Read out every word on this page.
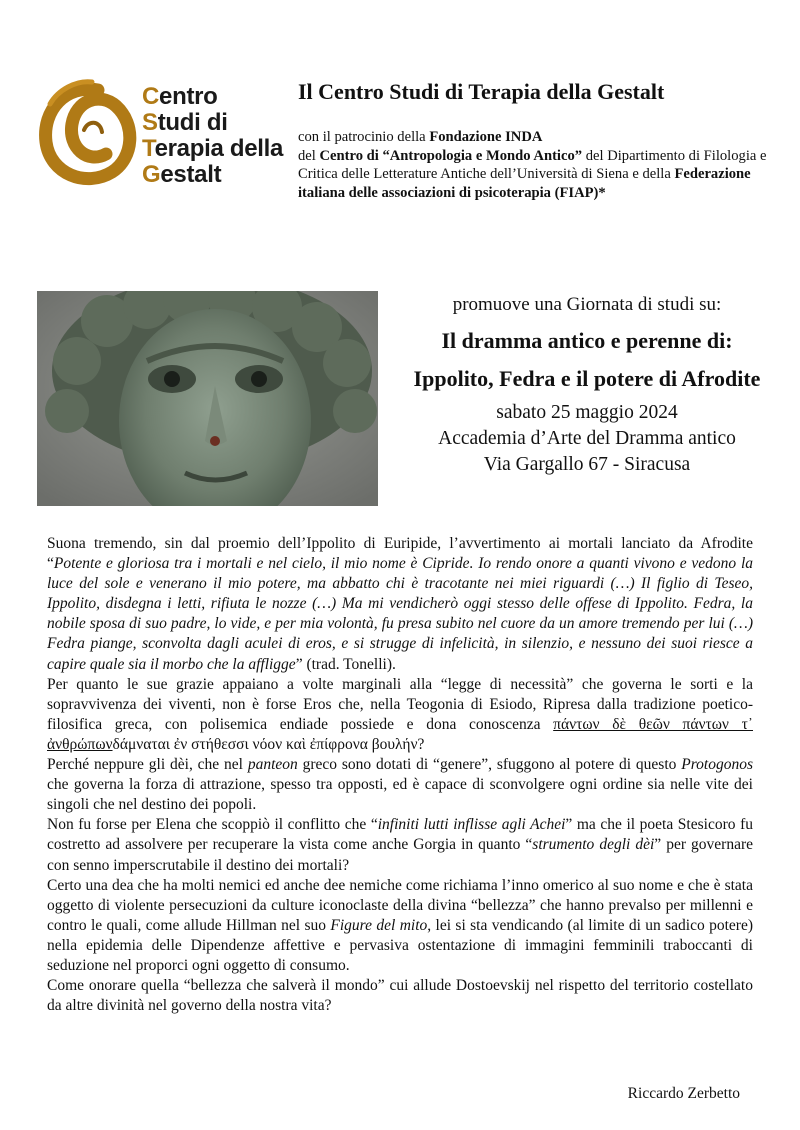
Centro
Studi di
Terapia della
Gestalt
Il Centro Studi di Terapia della Gestalt
con il patrocinio della Fondazione INDA
del Centro di “Antropologia e Mondo Antico” del Dipartimento di Filologia e Critica delle Letterature Antiche dell’Università di Siena e della Federazione italiana delle associazioni di psicoterapia (FIAP)*
promuove una Giornata di studi su:
Il dramma antico e perenne di:
Ippolito, Fedra e il potere di Afrodite
sabato 25 maggio 2024
Accademia d’Arte del Dramma antico
Via Gargallo 67 - Siracusa

Suona tremendo, sin dal proemio dell’Ippolito di Euripide, l’avvertimento ai mortali lanciato da Afrodite “Potente e gloriosa tra i mortali e nel cielo, il mio nome è Cipride. Io rendo onore a quanti vivono e vedono la luce del sole e venerano il mio potere, ma abbatto chi è tracotante nei miei riguardi (…) Il figlio di Teseo, Ippolito, disdegna i letti, rifiuta le nozze (…) Ma mi vendicherò oggi stesso delle offese di Ippolito. Fedra, la nobile sposa di suo padre, lo vide, e per mia volontà, fu presa subito nel cuore da un amore tremendo per lui (…) Fedra piange, sconvolta dagli aculei di eros, e si strugge di infelicità, in silenzio, e nessuno dei suoi riesce a capire quale sia il morbo che la affligge” (trad. Tonelli).

Per quanto le sue grazie appaiano a volte marginali alla “legge di necessità” che governa le sorti e la sopravvivenza dei viventi, non è forse Eros che, nella Teogonia di Esiodo, Ripresa dalla tradizione poetico-filosifica greca, con polisemica endiade possiede e dona conoscenza πάντων δὲ θεῶν πάντων τ᾽ ἀνθρώπωνδάμναται ἐν στήθεσσι νόον καὶ ἐπίφρονα βουλήν?

Perché neppure gli dèi, che nel panteon greco sono dotati di “genere”, sfuggono al potere di questo Protogonos che governa la forza di attrazione, spesso tra opposti, ed è capace di sconvolgere ogni ordine sia nelle vite dei singoli che nel destino dei popoli.

Non fu forse per Elena che scoppiò il conflitto che “infiniti lutti inflisse agli Achei” ma che il poeta Stesicoro fu costretto ad assolvere per recuperare la vista come anche Gorgia in quanto “strumento degli dèi” per governare con senno imperscrutabile il destino dei mortali?

Certo una dea che ha molti nemici ed anche dee nemiche come richiama l’inno omerico al suo nome e che è stata oggetto di violente persecuzioni da culture iconoclaste della divina “bellezza” che hanno prevalso per millenni e contro le quali, come allude Hillman nel suo Figure del mito, lei si sta vendicando (al limite di un sadico potere) nella epidemia delle Dipendenze affettive e pervasiva ostentazione di immagini femminili traboccanti di seduzione nel proporci ogni oggetto di consumo.

Come onorare quella “bellezza che salverà il mondo” cui allude Dostoevskij nel rispetto del territorio costellato da altre divinità nel governo della nostra vita?

Riccardo Zerbetto
